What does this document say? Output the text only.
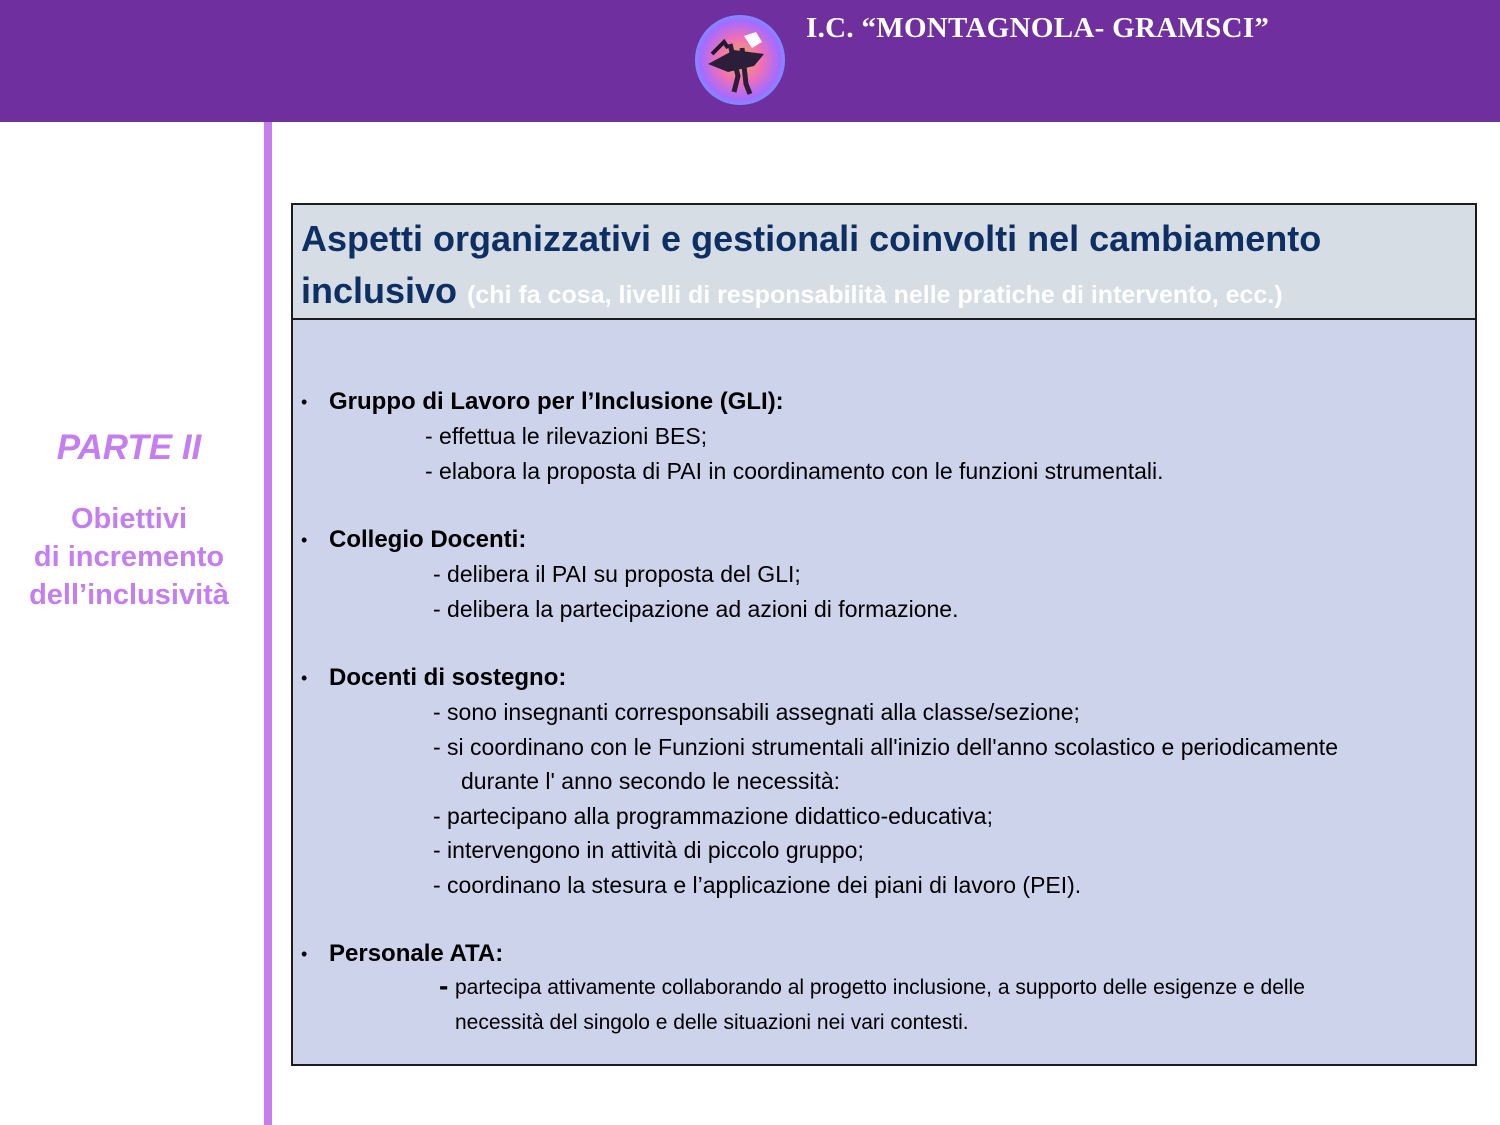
I.C. “MONTAGNOLA- GRAMSCI”
PARTE II
Obiettivi
di incremento
dell’inclusività
Aspetti organizzativi e gestionali coinvolti nel cambiamento
inclusivo (chi fa cosa, livelli di responsabilità nelle pratiche di intervento, ecc.)
• Gruppo di Lavoro per l’Inclusione (GLI):
- effettua le rilevazioni BES;
- elabora la proposta di PAI in coordinamento con le funzioni strumentali.
• Collegio Docenti:
- delibera il PAI su proposta del GLI;
- delibera la partecipazione ad azioni di formazione.
• Docenti di sostegno:
- sono insegnanti corresponsabili assegnati alla classe/sezione;
- si coordinano con le Funzioni strumentali all'inizio dell'anno scolastico e periodicamente
durante l' anno secondo le necessità:
- partecipano alla programmazione didattico-educativa;
- intervengono in attività di piccolo gruppo;
- coordinano la stesura e l’applicazione dei piani di lavoro (PEI).
• Personale ATA:
- partecipa attivamente collaborando al progetto inclusione, a supporto delle esigenze e delle
necessità del singolo e delle situazioni nei vari contesti.
